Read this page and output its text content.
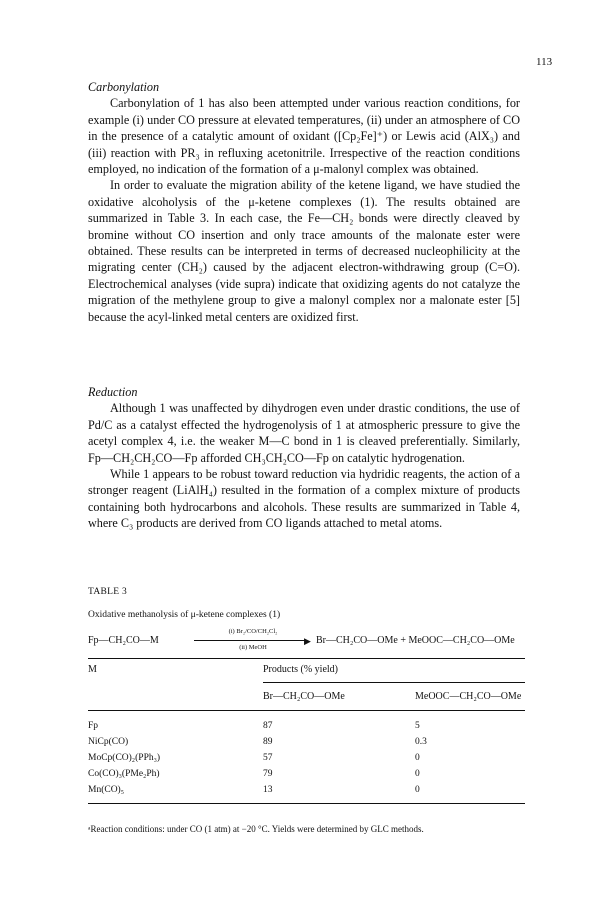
113

Carbonylation

Carbonylation of 1 has also been attempted under various reaction conditions, for example (i) under CO pressure at elevated temperatures, (ii) under an atmosphere of CO in the presence of a catalytic amount of oxidant ([Cp₂Fe]⁺) or Lewis acid (AlX₃) and (iii) reaction with PR₃ in refluxing acetonitrile. Irrespective of the reaction conditions employed, no indication of the formation of a μ-malonyl complex was obtained.

In order to evaluate the migration ability of the ketene ligand, we have studied the oxidative alcoholysis of the μ-ketene complexes (1). The results obtained are summarized in Table 3. In each case, the Fe—CH₂ bonds were directly cleaved by bromine without CO insertion and only trace amounts of the malonate ester were obtained. These results can be interpreted in terms of decreased nucleophilicity at the migrating center (CH₂) caused by the adjacent electron-withdrawing group (C=O). Electrochemical analyses (vide supra) indicate that oxidizing agents do not catalyze the migration of the methylene group to give a malonyl complex nor a malonate ester [5] because the acyl-linked metal centers are oxidized first.

Reduction

Although 1 was unaffected by dihydrogen even under drastic conditions, the use of Pd/C as a catalyst effected the hydrogenolysis of 1 at atmospheric pressure to give the acetyl complex 4, i.e. the weaker M—C bond in 1 is cleaved preferentially. Similarly, Fp—CH₂CH₂CO—Fp afforded CH₃CH₂CO—Fp on catalytic hydrogenation.

While 1 appears to be robust toward reduction via hydridic reagents, the action of a stronger reagent (LiAlH₄) resulted in the formation of a complex mixture of products containing both hydrocarbons and alcohols. These results are summarized in Table 4, where C₃ products are derived from CO ligands attached to metal atoms.

TABLE 3
Oxidative methanolysis of μ-ketene complexes (1)
Fp—CH₂CO—M
(i) Br₂/CO/CH₂Cl₂
▶
(ii) MeOH
Br—CH₂CO—OMe + MeOOC—CH₂CO—OMe
M	Products (% yield)
Br—CH₂CO—OMe	MeOOC—CH₂CO—OMe
Fp	87	5
NiCp(CO)	89	0.3
MoCp(CO)₂(PPh₃)	57	0
Co(CO)₃(PMe₂Ph)	79	0
Mn(CO)₅	13	0
ᵃReaction conditions: under CO (1 atm) at −20 °C. Yields were determined by GLC methods.
